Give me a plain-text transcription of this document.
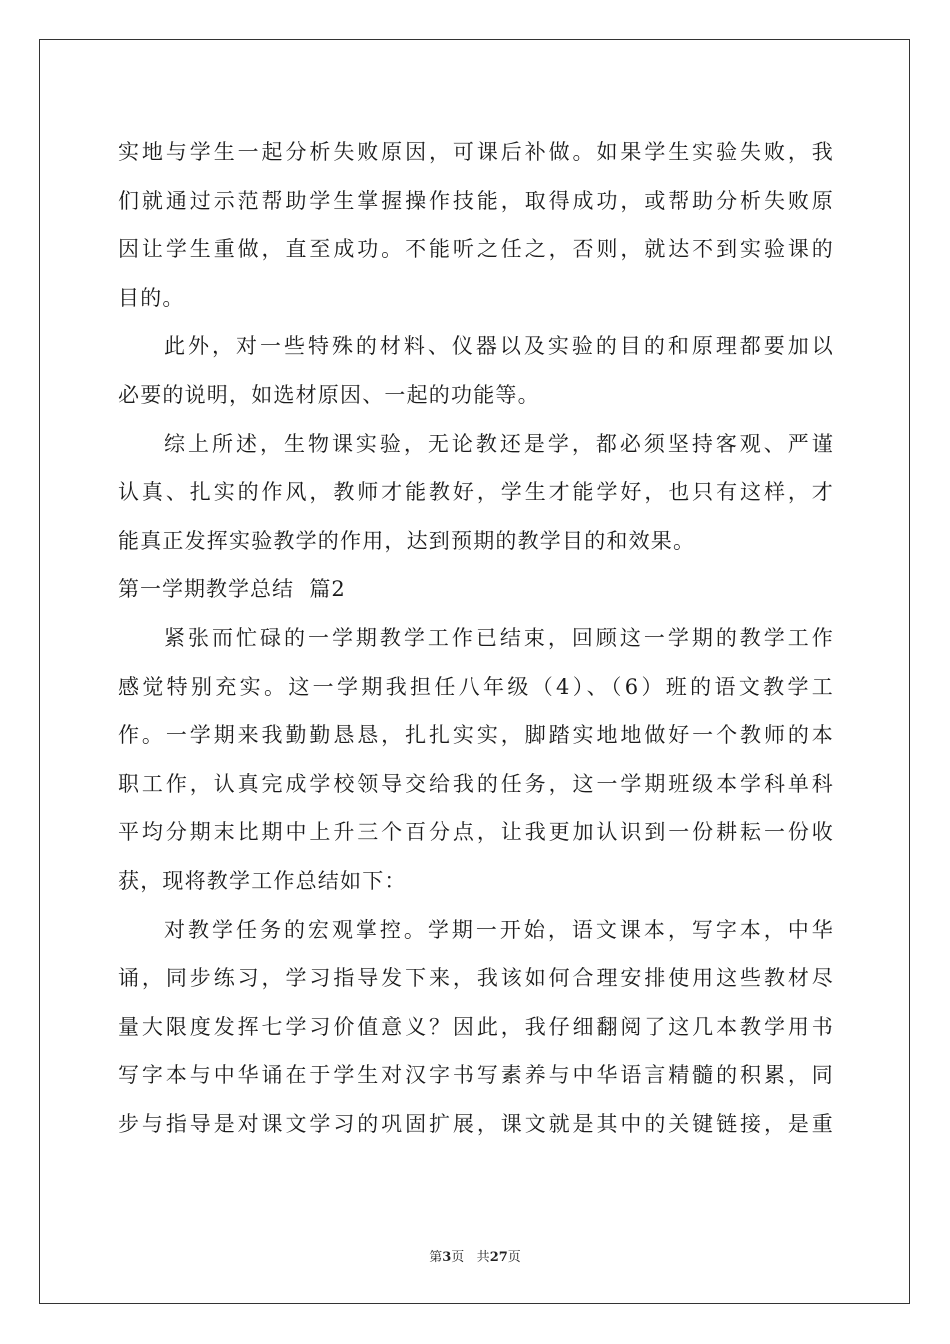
实地与学生一起分析失败原因，可课后补做。如果学生实验失败，我
们就通过示范帮助学生掌握操作技能，取得成功，或帮助分析失败原
因让学生重做，直至成功。不能听之任之，否则，就达不到实验课的
目的。
此外，对一些特殊的材料、仪器以及实验的目的和原理都要加以
必要的说明，如选材原因、一起的功能等。
综上所述，生物课实验，无论教还是学，都必须坚持客观、严谨
认真、扎实的作风，教师才能教好，学生才能学好，也只有这样，才
能真正发挥实验教学的作用，达到预期的教学目的和效果。
第一学期教学总结  篇2
紧张而忙碌的一学期教学工作已结束，回顾这一学期的教学工作
感觉特别充实。这一学期我担任八年级（4）、（6）班的语文教学工
作。一学期来我勤勤恳恳，扎扎实实，脚踏实地地做好一个教师的本
职工作，认真完成学校领导交给我的任务，这一学期班级本学科单科
平均分期末比期中上升三个百分点，让我更加认识到一份耕耘一份收
获，现将教学工作总结如下：
对教学任务的宏观掌控。学期一开始，语文课本，写字本，中华
诵，同步练习，学习指导发下来，我该如何合理安排使用这些教材尽
量大限度发挥七学习价值意义？因此，我仔细翻阅了这几本教学用书
写字本与中华诵在于学生对汉字书写素养与中华语言精髓的积累，同
步与指导是对课文学习的巩固扩展，课文就是其中的关键链接，是重
第3页 共27页
